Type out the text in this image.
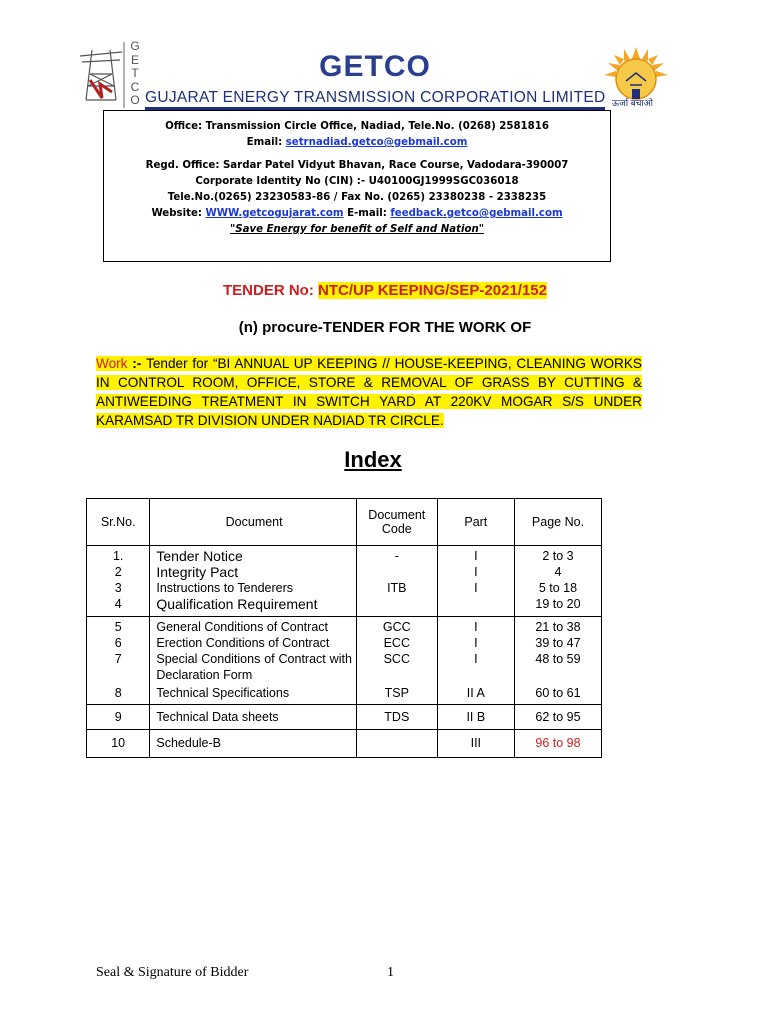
G
E
T
C
O
GETCO
GUJARAT ENERGY TRANSMISSION CORPORATION LIMITED ऊर्जा बचाओ
Office: Transmission Circle Office, Nadiad, Tele.No. (0268) 2581816
Email: setrnadiad.getco@gebmail.com
Regd. Office: Sardar Patel Vidyut Bhavan, Race Course, Vadodara-390007
Corporate Identity No (CIN) :- U40100GJ1999SGC036018
Tele.No.(0265) 23230583-86 / Fax No. (0265) 23380238 - 2338235
Website: WWW.getcogujarat.com E-mail: feedback.getco@gebmail.com
"Save Energy for benefit of Self and Nation"
TENDER No: NTC/UP KEEPING/SEP-2021/152
(n) procure-TENDER FOR THE WORK OF
Work :- Tender for “BI ANNUAL UP KEEPING // HOUSE-KEEPING, CLEANING WORKS IN CONTROL ROOM, OFFICE, STORE & REMOVAL OF GRASS BY CUTTING & ANTIWEEDING TREATMENT IN SWITCH YARD AT 220KV MOGAR S/S UNDER KARAMSAD TR DIVISION UNDER NADIAD TR CIRCLE.
Index
Sr.No.	Document	Document Code	Part	Page No.
1.	Tender Notice	-	I	2 to 3
2	Integrity Pact		I	4
3	Instructions to Tenderers	ITB	I	5 to 18
4	Qualification Requirement			19 to 20
5	General Conditions of Contract	GCC	I	21 to 38
6	Erection Conditions of Contract	ECC	I	39 to 47
7	Special Conditions of Contract with Declaration Form	SCC	I	48 to 59
8	Technical Specifications	TSP	II A	60 to 61
9	Technical Data sheets	TDS	II B	62 to 95
10	Schedule-B		III	96 to 98
Seal & Signature of Bidder	1
